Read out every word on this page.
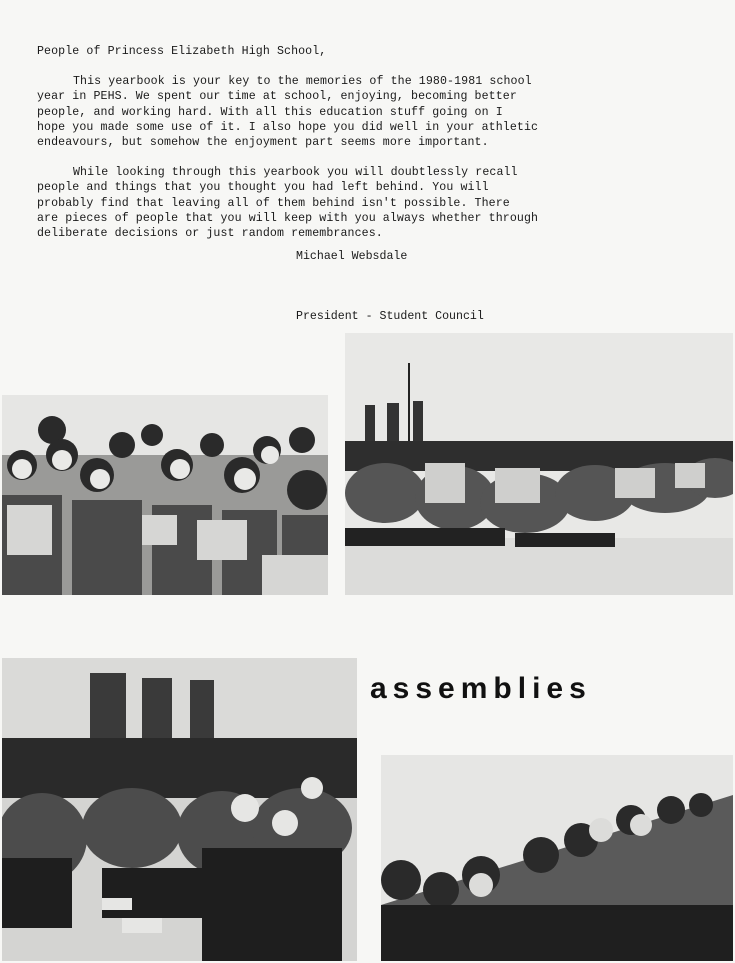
People of Princess Elizabeth High School,

This yearbook is your key to the memories of the 1980-1981 school
year in PEHS. We spent our time at school, enjoying, becoming better
people, and working hard. With all this education stuff going on I
hope you made some use of it. I also hope you did well in your athletic
endeavours, but somehow the enjoyment part seems more important.

While looking through this yearbook you will doubtlessly recall
people and things that you thought you had left behind. You will
probably find that leaving all of them behind isn't possible. There
are pieces of people that you will keep with you always whether through
deliberate decisions or just random remembrances.

Michael Websdale
President - Student Council
assemblies
